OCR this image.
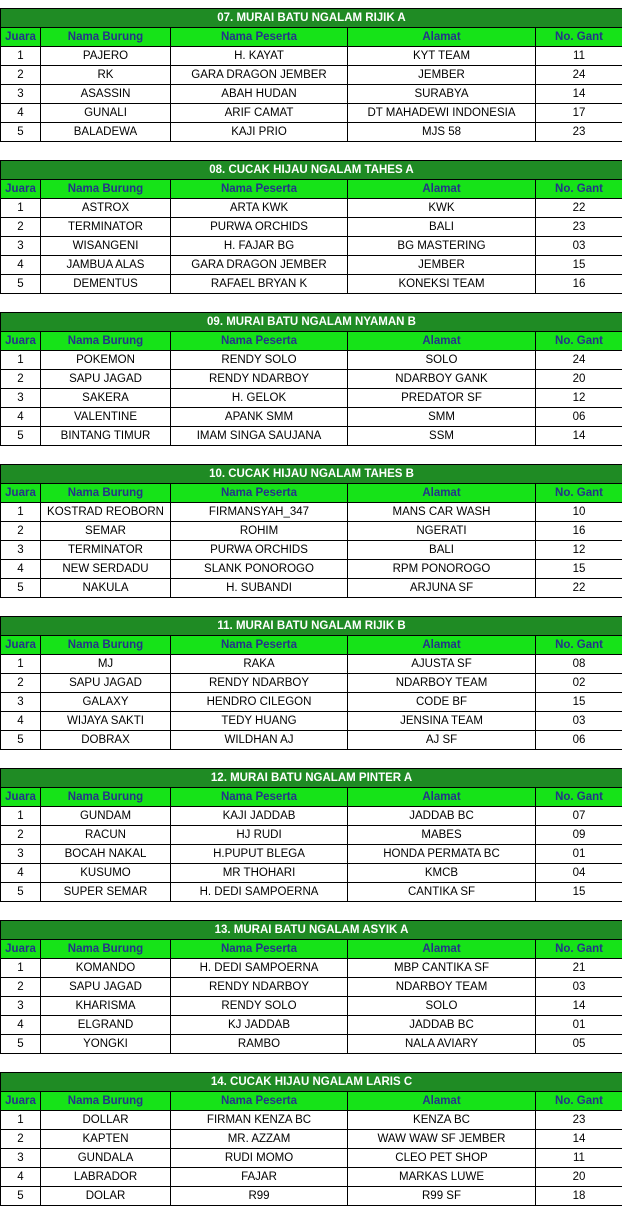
07. MURAI BATU NGALAM RIJIK A				
Juara	Nama Burung	Nama Peserta	Alamat	No. Gant
1	PAJERO	H. KAYAT	KYT TEAM	11
2	RK	GARA DRAGON JEMBER	JEMBER	24
3	ASASSIN	ABAH HUDAN	SURABYA	14
4	GUNALI	ARIF CAMAT	DT MAHADEWI INDONESIA	17
5	BALADEWA	KAJI PRIO	MJS 58	23
08. CUCAK HIJAU NGALAM TAHES A				
Juara	Nama Burung	Nama Peserta	Alamat	No. Gant
1	ASTROX	ARTA KWK	KWK	22
2	TERMINATOR	PURWA ORCHIDS	BALI	23
3	WISANGENI	H. FAJAR BG	BG MASTERING	03
4	JAMBUA ALAS	GARA DRAGON JEMBER	JEMBER	15
5	DEMENTUS	RAFAEL BRYAN K	KONEKSI TEAM	16
09. MURAI BATU NGALAM NYAMAN B				
Juara	Nama Burung	Nama Peserta	Alamat	No. Gant
1	POKEMON	RENDY SOLO	SOLO	24
2	SAPU JAGAD	RENDY NDARBOY	NDARBOY GANK	20
3	SAKERA	H. GELOK	PREDATOR SF	12
4	VALENTINE	APANK SMM	SMM	06
5	BINTANG TIMUR	IMAM SINGA SAUJANA	SSM	14
10. CUCAK HIJAU NGALAM TAHES B				
Juara	Nama Burung	Nama Peserta	Alamat	No. Gant
1	KOSTRAD REOBORN	FIRMANSYAH_347	MANS CAR WASH	10
2	SEMAR	ROHIM	NGERATI	16
3	TERMINATOR	PURWA ORCHIDS	BALI	12
4	NEW SERDADU	SLANK PONOROGO	RPM PONOROGO	15
5	NAKULA	H. SUBANDI	ARJUNA SF	22
11. MURAI BATU NGALAM RIJIK B				
Juara	Nama Burung	Nama Peserta	Alamat	No. Gant
1	MJ	RAKA	AJUSTA SF	08
2	SAPU JAGAD	RENDY NDARBOY	NDARBOY TEAM	02
3	GALAXY	HENDRO CILEGON	CODE BF	15
4	WIJAYA SAKTI	TEDY HUANG	JENSINA TEAM	03
5	DOBRAX	WILDHAN AJ	AJ SF	06
12. MURAI BATU NGALAM PINTER A				
Juara	Nama Burung	Nama Peserta	Alamat	No. Gant
1	GUNDAM	KAJI JADDAB	JADDAB BC	07
2	RACUN	HJ RUDI	MABES	09
3	BOCAH NAKAL	H.PUPUT BLEGA	HONDA PERMATA BC	01
4	KUSUMO	MR THOHARI	KMCB	04
5	SUPER SEMAR	H. DEDI SAMPOERNA	CANTIKA SF	15
13. MURAI BATU NGALAM ASYIK A				
Juara	Nama Burung	Nama Peserta	Alamat	No. Gant
1	KOMANDO	H. DEDI SAMPOERNA	MBP CANTIKA SF	21
2	SAPU JAGAD	RENDY NDARBOY	NDARBOY TEAM	03
3	KHARISMA	RENDY SOLO	SOLO	14
4	ELGRAND	KJ JADDAB	JADDAB BC	01
5	YONGKI	RAMBO	NALA AVIARY	05
14. CUCAK HIJAU NGALAM LARIS C				
Juara	Nama Burung	Nama Peserta	Alamat	No. Gant
1	DOLLAR	FIRMAN KENZA BC	KENZA BC	23
2	KAPTEN	MR. AZZAM	WAW WAW SF JEMBER	14
3	GUNDALA	RUDI MOMO	CLEO PET SHOP	11
4	LABRADOR	FAJAR	MARKAS LUWE	20
5	DOLAR	R99	R99 SF	18
